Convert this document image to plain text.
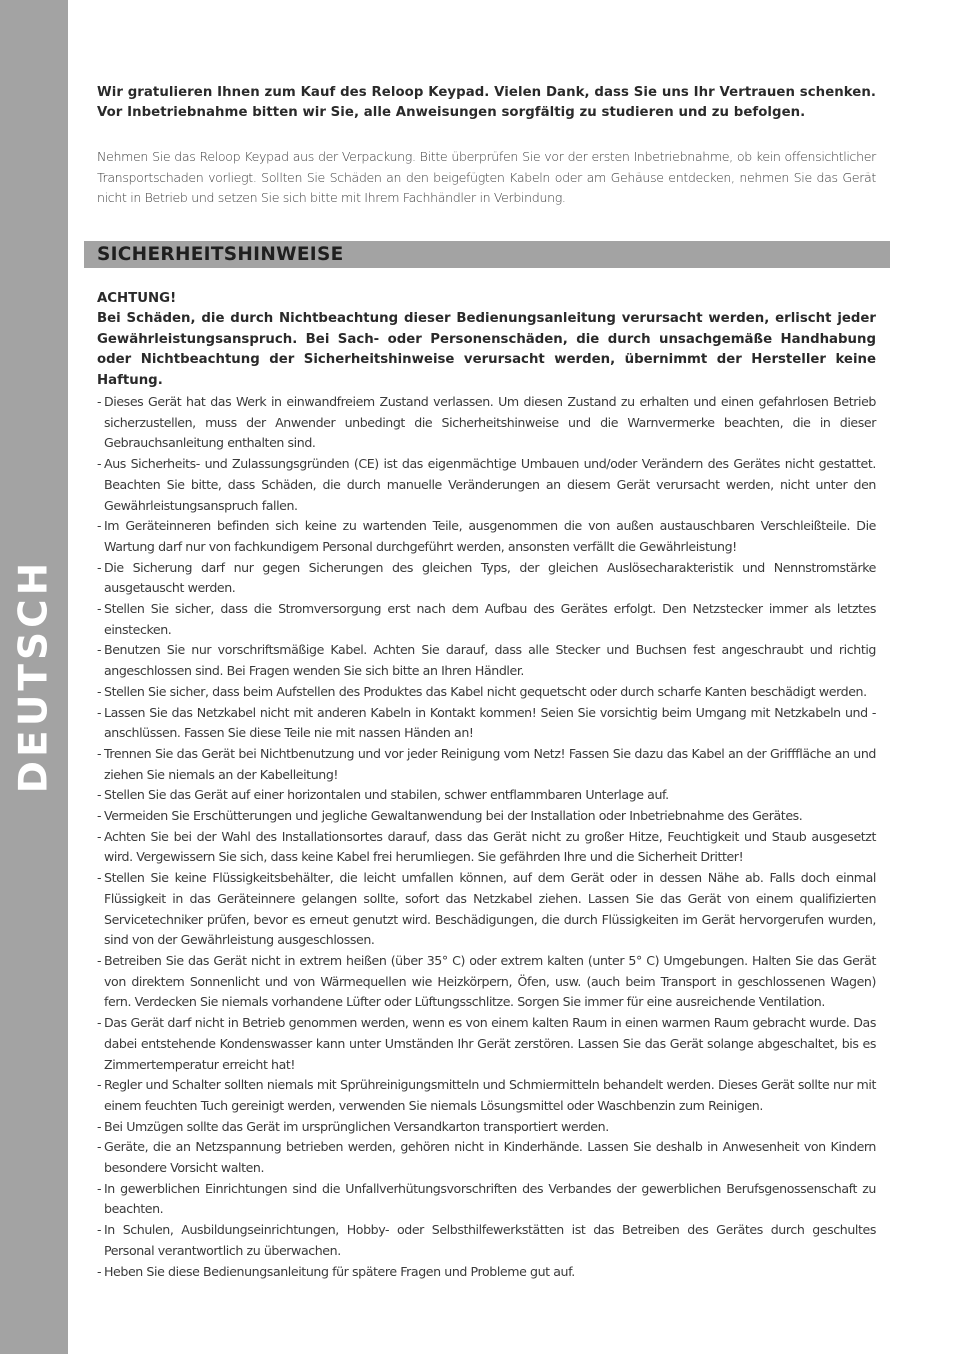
DEUTSCH

Wir gratulieren Ihnen zum Kauf des Reloop Keypad. Vielen Dank, dass Sie uns Ihr Vertrauen schenken. Vor Inbetriebnahme bitten wir Sie, alle Anweisungen sorgfältig zu studieren und zu befolgen.

Nehmen Sie das Reloop Keypad aus der Verpackung. Bitte überprüfen Sie vor der ersten Inbetriebnahme, ob kein offensichtlicher Transportschaden vorliegt. Sollten Sie Schäden an den beigefügten Kabeln oder am Gehäuse entdecken, nehmen Sie das Gerät nicht in Betrieb und setzen Sie sich bitte mit Ihrem Fachhändler in Verbindung.

SICHERHEITSHINWEISE

ACHTUNG!

Bei Schäden, die durch Nichtbeachtung dieser Bedienungsanleitung verursacht werden, erlischt jeder Gewährleistungsanspruch. Bei Sach- oder Personenschäden, die durch unsachgemäße Handhabung oder Nichtbeachtung der Sicherheitshinweise verursacht werden, übernimmt der Hersteller keine Haftung.

- Dieses Gerät hat das Werk in einwandfreiem Zustand verlassen. Um diesen Zustand zu erhalten und einen gefahrlosen Betrieb sicherzustellen, muss der Anwender unbedingt die Sicherheitshinweise und die Warnvermerke beachten, die in dieser Gebrauchsanleitung enthalten sind.
- Aus Sicherheits- und Zulassungsgründen (CE) ist das eigenmächtige Umbauen und/oder Verändern des Gerätes nicht gestattet. Beachten Sie bitte, dass Schäden, die durch manuelle Veränderungen an diesem Gerät verursacht werden, nicht unter den Gewährleistungsanspruch fallen.
- Im Geräteinneren befinden sich keine zu wartenden Teile, ausgenommen die von außen austauschbaren Verschleißteile. Die Wartung darf nur von fachkundigem Personal durchgeführt werden, ansonsten verfällt die Gewährleistung!
- Die Sicherung darf nur gegen Sicherungen des gleichen Typs, der gleichen Auslösecharakteristik und Nennstromstärke ausgetauscht werden.
- Stellen Sie sicher, dass die Stromversorgung erst nach dem Aufbau des Gerätes erfolgt. Den Netzstecker immer als letztes einstecken.
- Benutzen Sie nur vorschriftsmäßige Kabel. Achten Sie darauf, dass alle Stecker und Buchsen fest angeschraubt und richtig angeschlossen sind. Bei Fragen wenden Sie sich bitte an Ihren Händler.
- Stellen Sie sicher, dass beim Aufstellen des Produktes das Kabel nicht gequetscht oder durch scharfe Kanten beschädigt werden.
- Lassen Sie das Netzkabel nicht mit anderen Kabeln in Kontakt kommen! Seien Sie vorsichtig beim Umgang mit Netzkabeln und -anschlüssen. Fassen Sie diese Teile nie mit nassen Händen an!
- Trennen Sie das Gerät bei Nichtbenutzung und vor jeder Reinigung vom Netz! Fassen Sie dazu das Kabel an der Grifffläche an und ziehen Sie niemals an der Kabelleitung!
- Stellen Sie das Gerät auf einer horizontalen und stabilen, schwer entflammbaren Unterlage auf.
- Vermeiden Sie Erschütterungen und jegliche Gewaltanwendung bei der Installation oder Inbetriebnahme des Gerätes.
- Achten Sie bei der Wahl des Installationsortes darauf, dass das Gerät nicht zu großer Hitze, Feuchtigkeit und Staub ausgesetzt wird. Vergewissern Sie sich, dass keine Kabel frei herumliegen. Sie gefährden Ihre und die Sicherheit Dritter!
- Stellen Sie keine Flüssigkeitsbehälter, die leicht umfallen können, auf dem Gerät oder in dessen Nähe ab. Falls doch einmal Flüssigkeit in das Geräteinnere gelangen sollte, sofort das Netzkabel ziehen. Lassen Sie das Gerät von einem qualifizierten Servicetechniker prüfen, bevor es erneut genutzt wird. Beschädigungen, die durch Flüssigkeiten im Gerät hervorgerufen wurden, sind von der Gewährleistung ausgeschlossen.
- Betreiben Sie das Gerät nicht in extrem heißen (über 35° C) oder extrem kalten (unter 5° C) Umgebungen. Halten Sie das Gerät von direktem Sonnenlicht und von Wärmequellen wie Heizkörpern, Öfen, usw. (auch beim Transport in geschlossenen Wagen) fern. Verdecken Sie niemals vorhandene Lüfter oder Lüftungsschlitze. Sorgen Sie immer für eine ausreichende Ventilation.
- Das Gerät darf nicht in Betrieb genommen werden, wenn es von einem kalten Raum in einen warmen Raum gebracht wurde. Das dabei entstehende Kondenswasser kann unter Umständen Ihr Gerät zerstören. Lassen Sie das Gerät solange abgeschaltet, bis es Zimmertemperatur erreicht hat!
- Regler und Schalter sollten niemals mit Sprühreinigungsmitteln und Schmiermitteln behandelt werden. Dieses Gerät sollte nur mit einem feuchten Tuch gereinigt werden, verwenden Sie niemals Lösungsmittel oder Waschbenzin zum Reinigen.
- Bei Umzügen sollte das Gerät im ursprünglichen Versandkarton transportiert werden.
- Geräte, die an Netzspannung betrieben werden, gehören nicht in Kinderhände. Lassen Sie deshalb in Anwesenheit von Kindern besondere Vorsicht walten.
- In gewerblichen Einrichtungen sind die Unfallverhütungsvorschriften des Verbandes der gewerblichen Berufsgenossenschaft zu beachten.
- In Schulen, Ausbildungseinrichtungen, Hobby- oder Selbsthilfewerkstätten ist das Betreiben des Gerätes durch geschultes Personal verantwortlich zu überwachen.
- Heben Sie diese Bedienungsanleitung für spätere Fragen und Probleme gut auf.
